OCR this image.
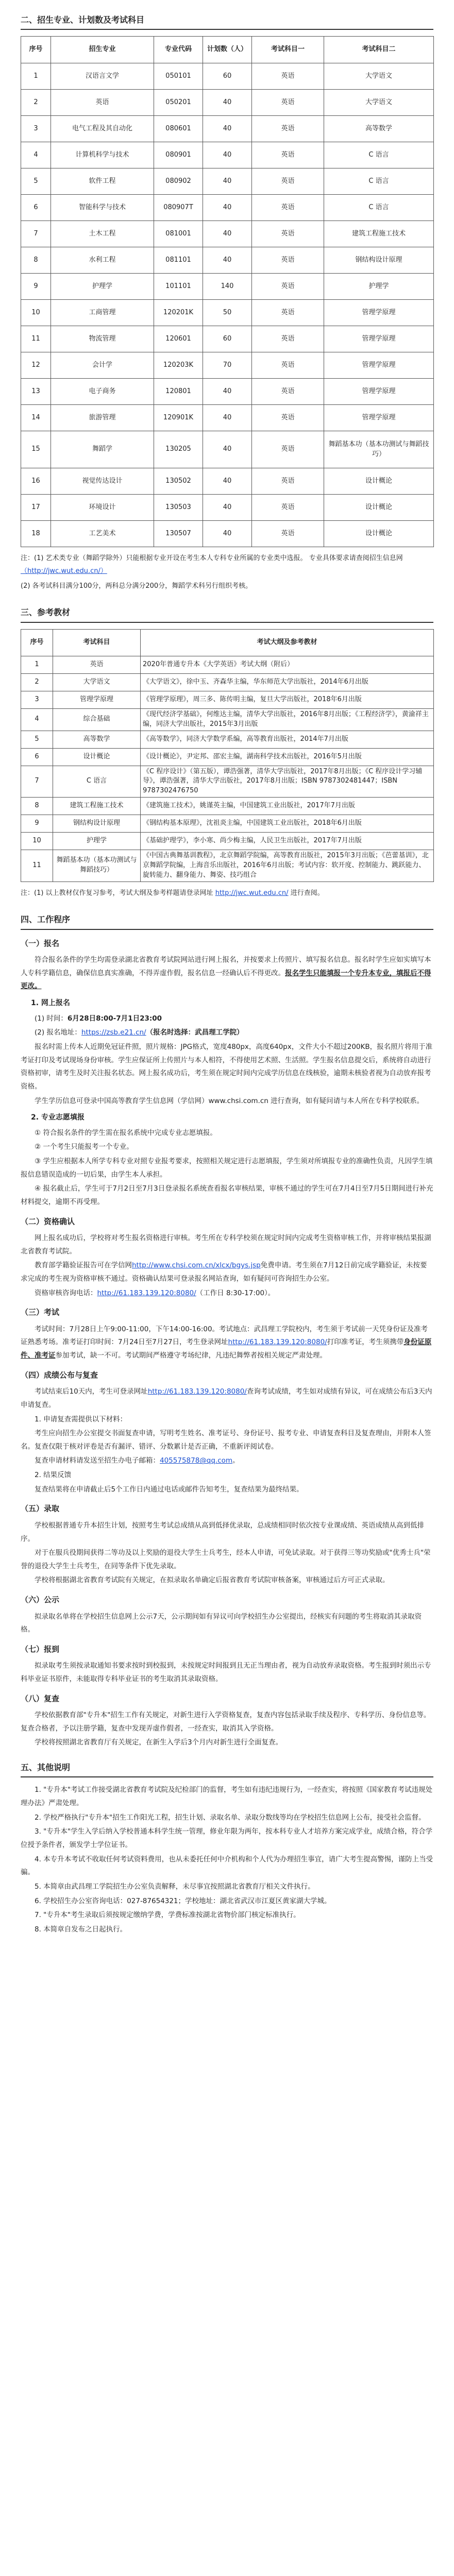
二、招生专业、计划数及考试科目
序号	招生专业	专业代码	计划数（人）	考试科目一	考试科目二
1	汉语言文学	050101	60	英语	大学语文
2	英语	050201	40	英语	大学语文
3	电气工程及其自动化	080601	40	英语	高等数学
4	计算机科学与技术	080901	40	英语	C 语言
5	软件工程	080902	40	英语	C 语言
6	智能科学与技术	080907T	40	英语	C 语言
7	土木工程	081001	40	英语	建筑工程施工技术
8	水利工程	081101	40	英语	钢结构设计原理
9	护理学	101101	140	英语	护理学
10	工商管理	120201K	50	英语	管理学原理
11	物流管理	120601	60	英语	管理学原理
12	会计学	120203K	70	英语	管理学原理
13	电子商务	120801	40	英语	管理学原理
14	旅游管理	120901K	40	英语	管理学原理
15	舞蹈学	130205	40	英语	舞蹈基本功（基本功测试与舞蹈技巧）
16	视觉传达设计	130502	40	英语	设计概论
17	环境设计	130503	40	英语	设计概论
18	工艺美术	130507	40	英语	设计概论

注：(1) 艺术类专业（舞蹈学除外）只能根据专业开设在考生本人专科专业所属的专业类中选报。 专业具体要求请查阅招生信息网 （http://jwc.wut.edu.cn/）

(2) 各考试科目满分100分，两科总分满分200分，舞蹈学术科另行组织考核。

三、参考教材
序号	考试科目	考试大纲及参考教材
1	英语	2020年普通专升本《大学英语》考试大纲（附后）
2	大学语文	《大学语文》，徐中玉、齐森华主编，华东师范大学出版社，2014年6月出版
3	管理学原理	《管理学原理》，周三多、陈传明主编，复旦大学出版社，2018年6月出版
4	综合基础	《现代经济学基础》，何维达主编，清华大学出版社，2016年8月出版；《工程经济学》，黄渝祥主编，同济大学出版社，2015年3月出版
5	高等数学	《高等数学》，同济大学数学系编，高等教育出版社，2014年7月出版
6	设计概论	《设计概论》，尹定邦、邵宏主编，湖南科学技术出版社，2016年5月出版
7	C 语言	《C 程序设计》（第五版），谭浩强著，清华大学出版社，2017年8月出版；《C 程序设计学习辅导》，谭浩强著，清华大学出版社，2017年8月出版；ISBN 9787302481447；ISBN 9787302476750
8	建筑工程施工技术	《建筑施工技术》，姚谨英主编，中国建筑工业出版社，2017年7月出版
9	钢结构设计原理	《钢结构基本原理》，沈祖炎主编，中国建筑工业出版社，2018年6月出版
10	护理学	《基础护理学》，李小寒、尚少梅主编，人民卫生出版社，2017年7月出版
11	舞蹈基本功（基本功测试与舞蹈技巧）	《中国古典舞基训教程》，北京舞蹈学院编，高等教育出版社，2015年3月出版；《芭蕾基训》，北京舞蹈学院编，上海音乐出版社，2016年6月出版；考试内容：软开度、控制能力、跳跃能力、旋转能力、翻身能力、舞姿、技巧组合

注：(1) 以上教材仅作复习参考，考试大纲及参考样题请登录网址 http://jwc.wut.edu.cn/ 进行查阅。

四、工作程序
（一）报名

符合报名条件的学生均需登录湖北省教育考试院网站进行网上报名，并按要求上传照片、填写报名信息。报名时学生应如实填写本人专科学籍信息，确保信息真实准确，不得弄虚作假，报名信息一经确认后不得更改。报名学生只能填报一个专升本专业，填报后不得更改。

1. 网上报名

(1) 时间：6月28日8:00-7月1日23:00

(2) 报名地址：https://zsb.e21.cn/（报名时选择：武昌理工学院）

报名时需上传本人近期免冠证件照，照片规格：JPG格式，宽度480px，高度640px，文件大小不超过200KB，报名照片将用于准考证打印及考试现场身份审核。学生应保证所上传照片与本人相符，不得使用艺术照、生活照。学生报名信息提交后，系统将自动进行资格初审，请考生及时关注报名状态。网上报名成功后，考生须在规定时间内完成学历信息在线核验，逾期未核验者视为自动放弃报考资格。

学生学历信息可登录中国高等教育学生信息网（学信网）www.chsi.com.cn 进行查询，如有疑问请与本人所在专科学校联系。

2. 专业志愿填报

① 符合报名条件的学生需在报名系统中完成专业志愿填报。

② 一个考生只能报考一个专业。

③ 学生应根据本人所学专科专业对照专业报考要求，按照相关规定进行志愿填报，学生须对所填报专业的准确性负责，凡因学生填报信息错误造成的一切后果，由学生本人承担。

④ 报名截止后，学生可于7月2日至7月3日登录报名系统查看报名审核结果，审核不通过的学生可在7月4日至7月5日期间进行补充材料提交，逾期不再受理。

（二）资格确认

网上报名成功后，学校将对考生报名资格进行审核。考生所在专科学校须在规定时间内完成考生资格审核工作，并将审核结果报湖北省教育考试院。

教育部学籍验证报告可在学信网http://www.chsi.com.cn/xlcx/bgys.jsp免费申请。考生须在7月12日前完成学籍验证，未按要求完成的考生视为资格审核不通过。资格确认结果可登录报名网站查询，如有疑问可咨询招生办公室。

资格审核咨询电话：http://61.183.139.120:8080/（工作日 8:30-17:00）。

（三）考试

考试时间：7月28日上午9:00-11:00，下午14:00-16:00。考试地点：武昌理工学院校内，考生须于考试前一天凭身份证及准考证熟悉考场。准考证打印时间：7月24日至7月27日，考生登录网址http://61.183.139.120:8080/打印准考证，考生须携带身份证原件、准考证参加考试，缺一不可。考试期间严格遵守考场纪律，凡违纪舞弊者按相关规定严肃处理。

（四）成绩公布与复查

考试结束后10天内，考生可登录网址http://61.183.139.120:8080/查询考试成绩，考生如对成绩有异议，可在成绩公布后3天内申请复查。

1. 申请复查需提供以下材料：

考生应向招生办公室提交书面复查申请，写明考生姓名、准考证号、身份证号、报考专业、申请复查科目及复查理由，并附本人签名。复查仅限于核对评卷是否有漏评、错评、分数累计是否正确，不重新评阅试卷。

复查申请材料请发送至招生办电子邮箱：405575878@qq.com。

2. 结果反馈

复查结果将在申请截止后5个工作日内通过电话或邮件告知考生，复查结果为最终结果。

（五）录取

学校根据普通专升本招生计划，按照考生考试总成绩从高到低择优录取，总成绩相同时依次按专业课成绩、英语成绩从高到低排序。

对于在服兵役期间获得二等功及以上奖励的退役大学生士兵考生，经本人申请，可免试录取。对于获得三等功奖励或"优秀士兵"荣誉的退役大学生士兵考生，在同等条件下优先录取。

学校将根据湖北省教育考试院有关规定，在拟录取名单确定后报省教育考试院审核备案，审核通过后方可正式录取。

（六）公示

拟录取名单将在学校招生信息网上公示7天，公示期间如有异议可向学校招生办公室提出，经核实有问题的考生将取消其录取资格。

（七）报到

拟录取考生须按录取通知书要求按时到校报到，未按规定时间报到且无正当理由者，视为自动放弃录取资格。考生报到时须出示专科毕业证书原件，未能取得专科毕业证书的考生取消其录取资格。

（八）复查

学校依据教育部"专升本"招生工作有关规定，对新生进行入学资格复查，复查内容包括录取手续及程序、专科学历、身份信息等。复查合格者，予以注册学籍，复查中发现弄虚作假者，一经查实，取消其入学资格。

学校将按照湖北省教育厅有关规定，在新生入学后3个月内对新生进行全面复查。

五、其他说明

1. "专升本"考试工作接受湖北省教育考试院及纪检部门的监督，考生如有违纪违规行为，一经查实，将按照《国家教育考试违规处理办法》严肃处理。

2. 学校严格执行"专升本"招生工作阳光工程，招生计划、录取名单、录取分数线等均在学校招生信息网上公布，接受社会监督。

3. "专升本"学生入学后纳入学校普通本科学生统一管理，修业年限为两年，按本科专业人才培养方案完成学业，成绩合格，符合学位授予条件者，颁发学士学位证书。

4. 本专升本考试不收取任何考试资料费用，也从未委托任何中介机构和个人代为办理招生事宜，请广大考生提高警惕，谨防上当受骗。

5. 本简章由武昌理工学院招生办公室负责解释，未尽事宜按照湖北省教育厅相关文件执行。

6. 学校招生办公室咨询电话：027-87654321；学校地址：湖北省武汉市江夏区黄家湖大学城。

7. "专升本"考生录取后须按规定缴纳学费，学费标准按湖北省物价部门核定标准执行。

8. 本简章自发布之日起执行。
